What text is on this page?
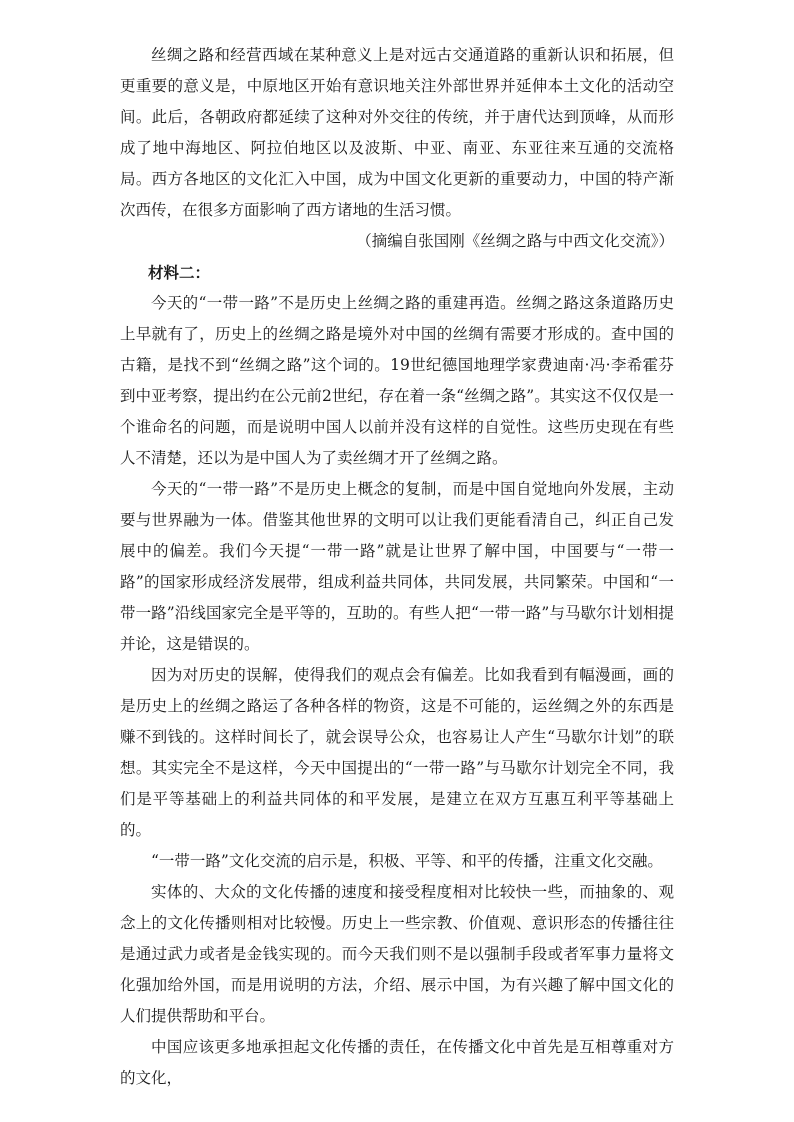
丝绸之路和经营西域在某种意义上是对远古交通道路的重新认识和拓展，但更重要的意义是，中原地区开始有意识地关注外部世界并延伸本土文化的活动空间。此后，各朝政府都延续了这种对外交往的传统，并于唐代达到顶峰，从而形成了地中海地区、阿拉伯地区以及波斯、中亚、南亚、东亚往来互通的交流格局。西方各地区的文化汇入中国，成为中国文化更新的重要动力，中国的特产渐次西传，在很多方面影响了西方诸地的生活习惯。

（摘编自张国刚《丝绸之路与中西文化交流》）

材料二：

今天的“一带一路”不是历史上丝绸之路的重建再造。丝绸之路这条道路历史上早就有了，历史上的丝绸之路是境外对中国的丝绸有需要才形成的。查中国的古籍，是找不到“丝绸之路”这个词的。19世纪德国地理学家费迪南·冯·李希霍芬到中亚考察，提出约在公元前2世纪，存在着一条“丝绸之路”。其实这不仅仅是一个谁命名的问题，而是说明中国人以前并没有这样的自觉性。这些历史现在有些人不清楚，还以为是中国人为了卖丝绸才开了丝绸之路。

今天的“一带一路”不是历史上概念的复制，而是中国自觉地向外发展，主动要与世界融为一体。借鉴其他世界的文明可以让我们更能看清自己，纠正自己发展中的偏差。我们今天提“一带一路”就是让世界了解中国，中国要与“一带一路”的国家形成经济发展带，组成利益共同体，共同发展，共同繁荣。中国和“一带一路”沿线国家完全是平等的，互助的。有些人把“一带一路”与马歇尔计划相提并论，这是错误的。

因为对历史的误解，使得我们的观点会有偏差。比如我看到有幅漫画，画的是历史上的丝绸之路运了各种各样的物资，这是不可能的，运丝绸之外的东西是赚不到钱的。这样时间长了，就会误导公众，也容易让人产生“马歇尔计划”的联想。其实完全不是这样，今天中国提出的“一带一路”与马歇尔计划完全不同，我们是平等基础上的利益共同体的和平发展，是建立在双方互惠互利平等基础上的。

“一带一路”文化交流的启示是，积极、平等、和平的传播，注重文化交融。

实体的、大众的文化传播的速度和接受程度相对比较快一些，而抽象的、观念上的文化传播则相对比较慢。历史上一些宗教、价值观、意识形态的传播往往是通过武力或者是金钱实现的。而今天我们则不是以强制手段或者军事力量将文化强加给外国，而是用说明的方法，介绍、展示中国，为有兴趣了解中国文化的人们提供帮助和平台。

中国应该更多地承担起文化传播的责任，在传播文化中首先是互相尊重对方的文化，
